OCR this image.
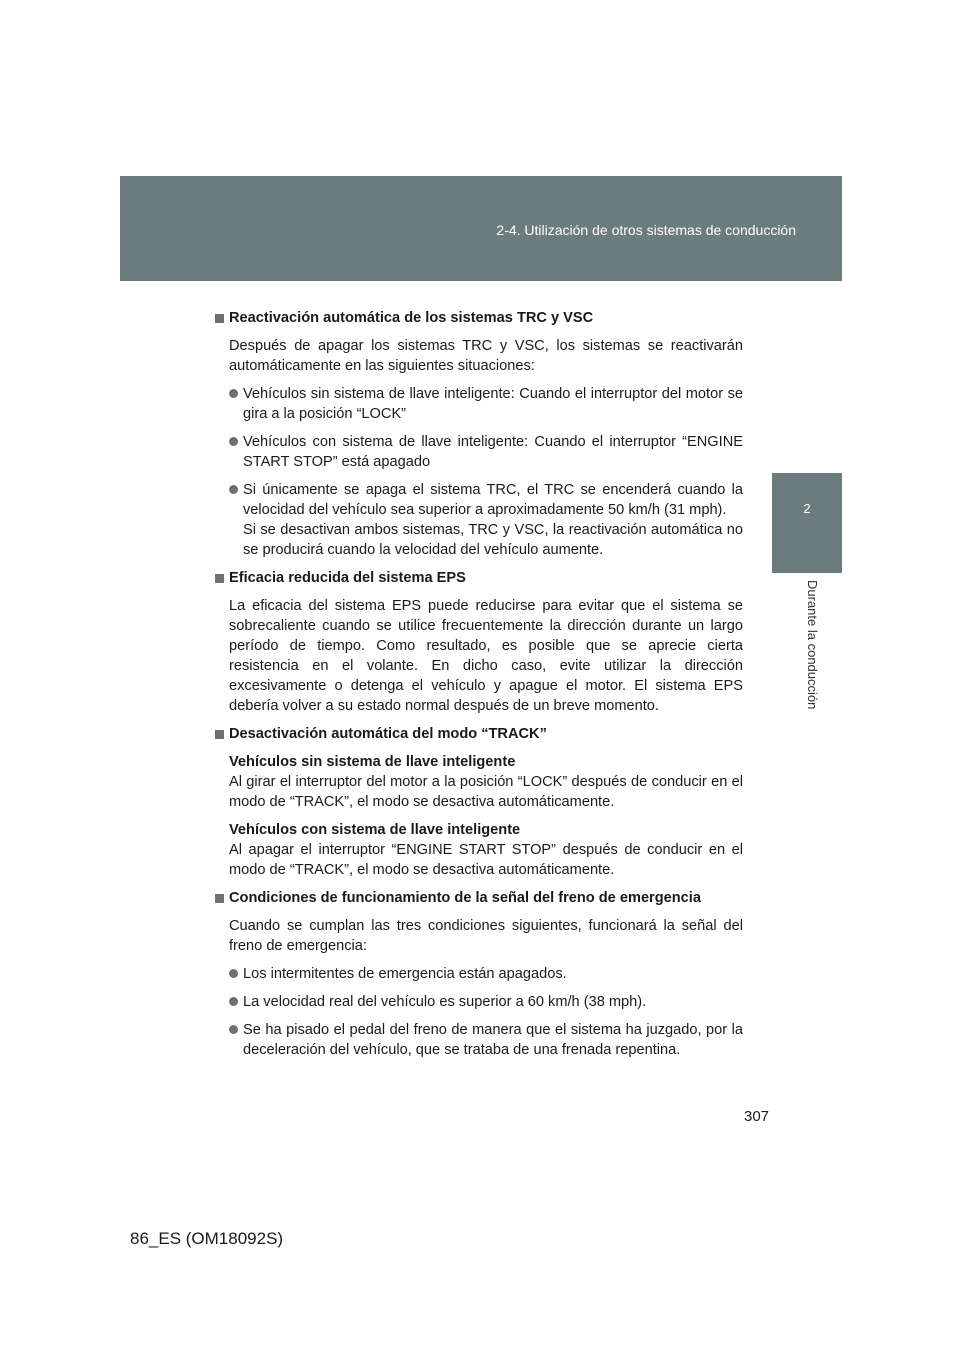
2-4. Utilización de otros sistemas de conducción
2
Durante la conducción
Reactivación automática de los sistemas TRC y VSC

Después de apagar los sistemas TRC y VSC, los sistemas se reactivarán automáticamente en las siguientes situaciones:

Vehículos sin sistema de llave inteligente: Cuando el interruptor del motor se gira a la posición “LOCK”
Vehículos con sistema de llave inteligente: Cuando el interruptor “ENGINE START STOP” está apagado
Si únicamente se apaga el sistema TRC, el TRC se encenderá cuando la velocidad del vehículo sea superior a aproximadamente 50 km/h (31 mph).
Si se desactivan ambos sistemas, TRC y VSC, la reactivación automática no se producirá cuando la velocidad del vehículo aumente.
Eficacia reducida del sistema EPS

La eficacia del sistema EPS puede reducirse para evitar que el sistema se sobrecaliente cuando se utilice frecuentemente la dirección durante un largo período de tiempo. Como resultado, es posible que se aprecie cierta resistencia en el volante. En dicho caso, evite utilizar la dirección excesivamente o detenga el vehículo y apague el motor. El sistema EPS debería volver a su estado normal después de un breve momento.

Desactivación automática del modo “TRACK”
Vehículos sin sistema de llave inteligente

Al girar el interruptor del motor a la posición “LOCK” después de conducir en el modo de “TRACK”, el modo se desactiva automáticamente.

Vehículos con sistema de llave inteligente

Al apagar el interruptor “ENGINE START STOP” después de conducir en el modo de “TRACK”, el modo se desactiva automáticamente.

Condiciones de funcionamiento de la señal del freno de emergencia

Cuando se cumplan las tres condiciones siguientes, funcionará la señal del freno de emergencia:

Los intermitentes de emergencia están apagados.
La velocidad real del vehículo es superior a 60 km/h (38 mph).
Se ha pisado el pedal del freno de manera que el sistema ha juzgado, por la deceleración del vehículo, que se trataba de una frenada repentina.
307
86_ES (OM18092S)
